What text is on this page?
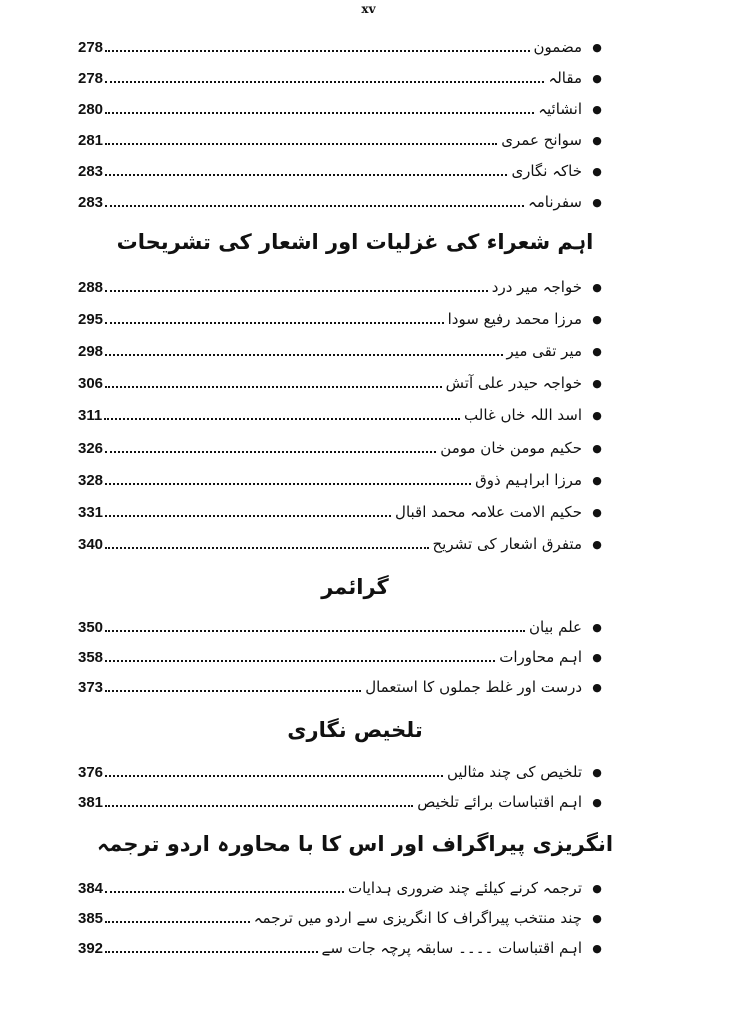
xv
●
مضمون
278
●
مقالہ
278
●
انشائیہ
280
●
سوانح عمری
281
●
خاکہ نگاری
283
●
سفرنامہ
283
اہم شعراء کی غزلیات اور اشعار کی تشریحات
●
خواجہ میر درد
288
●
مرزا محمد رفیع سودا
295
●
میر تقی میر
298
●
خواجہ حیدر علی آتش
306
●
اسد اللہ خاں غالب
311
●
حکیم مومن خان مومن
326
●
مرزا ابراہیم ذوق
328
●
حکیم الامت علامہ محمد اقبال
331
●
متفرق اشعار کی تشریح
340
گرائمر
●
علم بیان
350
●
اہم محاورات
358
●
درست اور غلط جملوں کا استعمال
373
تلخیص نگاری
●
تلخیص کی چند مثالیں
376
●
اہم اقتباسات برائے تلخیص
381
انگریزی پیراگراف اور اس کا با محاورہ اردو ترجمہ
●
ترجمہ کرنے کیلئے چند ضروری ہدایات
384
●
چند منتخب پیراگراف کا انگریزی سے اردو میں ترجمہ
385
●
اہم اقتباسات ۔۔۔۔ سابقہ پرچہ جات سے
392
